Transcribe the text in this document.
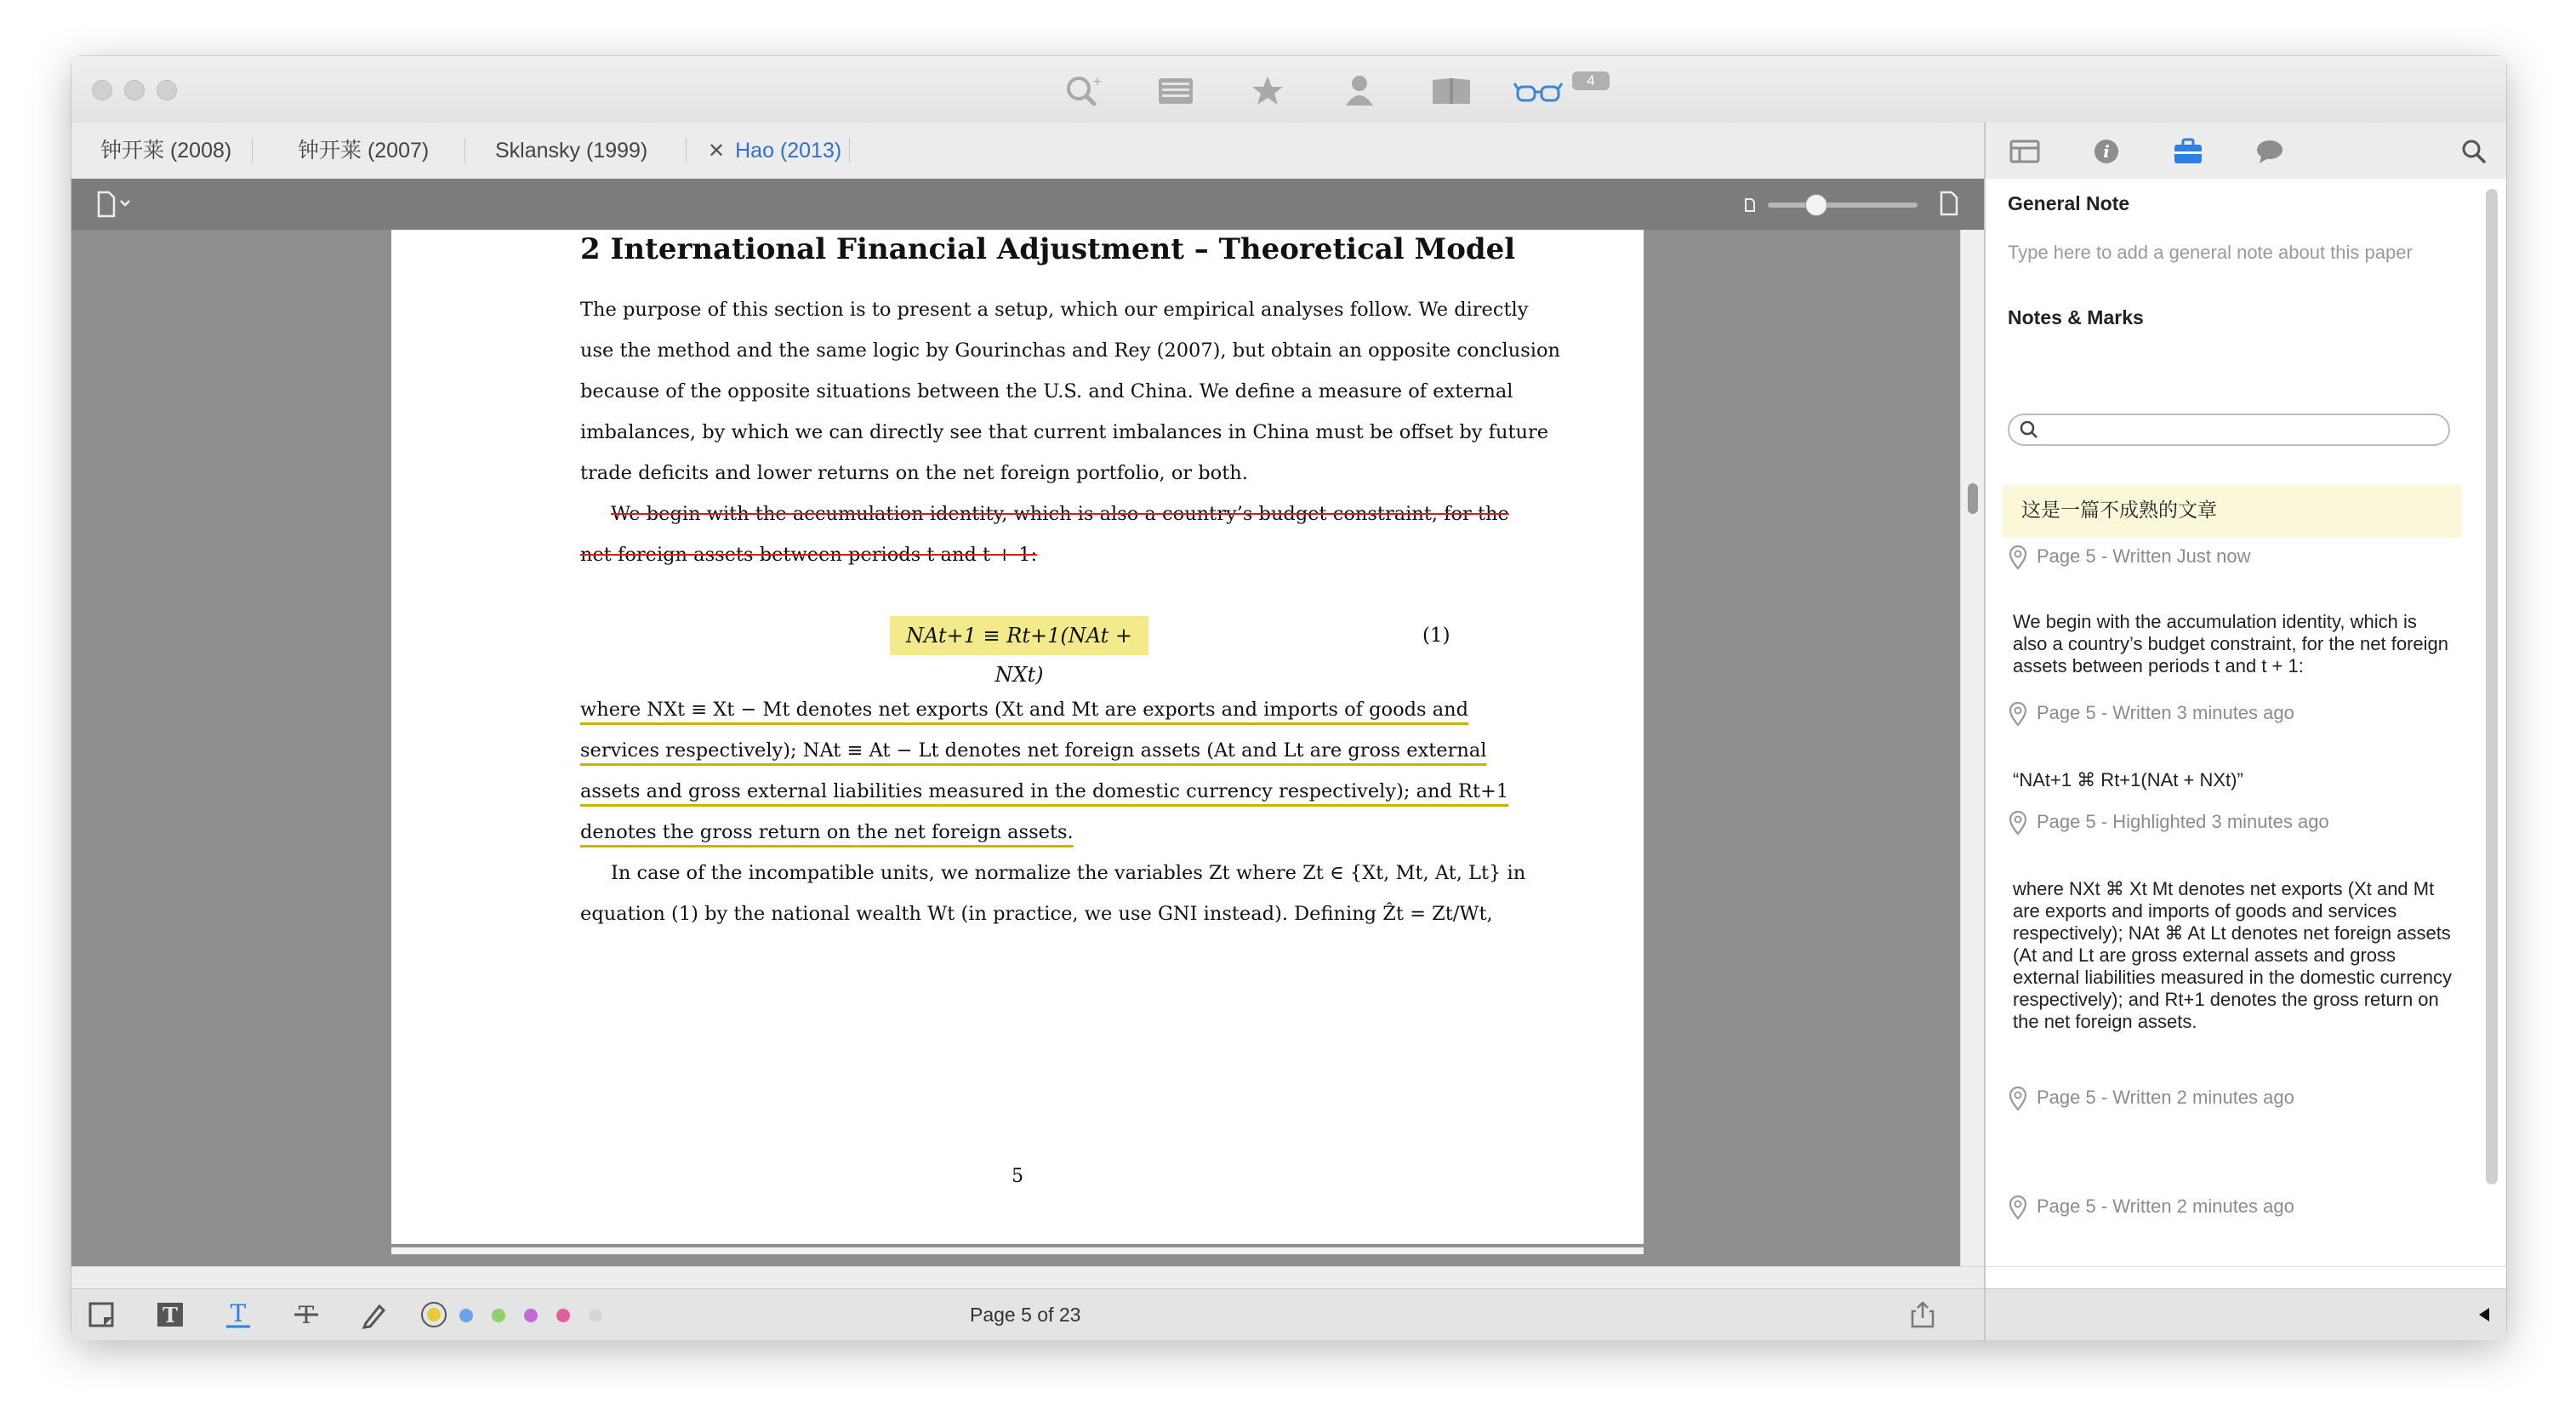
+	4
钟开莱 (2008)	钟开莱 (2007)	Sklansky (1999)	✕ Hao (2013)
2 International Financial Adjustment – Theoretical Model
The purpose of this section is to present a setup, which our empirical analyses follow. We directly
use the method and the same logic by Gourinchas and Rey (2007), but obtain an opposite conclusion
because of the opposite situations between the U.S. and China. We define a measure of external
imbalances, by which we can directly see that current imbalances in China must be offset by future
trade deficits and lower returns on the net foreign portfolio, or both.
We begin with the accumulation identity, which is also a country’s budget constraint, for the
net foreign assets between periods t and t + 1:
NAt+1 ≡ Rt+1(NAt + NXt)
(1)
where NXt ≡ Xt − Mt denotes net exports (Xt and Mt are exports and imports of goods and
services respectively); NAt ≡ At − Lt denotes net foreign assets (At and Lt are gross external
assets and gross external liabilities measured in the domestic currency respectively); and Rt+1
denotes the gross return on the net foreign assets.
In case of the incompatible units, we normalize the variables Zt where Zt ∈ {Xt, Mt, At, Lt} in
equation (1) by the national wealth Wt (in practice, we use GNI instead). Defining Ẑt = Zt/Wt,
5
T T T	Page 5 of 23
i
General Note
Type here to add a general note about this paper
Notes & Marks
这是一篇不成熟的文章
Page 5 - Written Just now
We begin with the accumulation identity, which is also a country’s budget constraint, for the net foreign assets between periods t and t + 1:
Page 5 - Written 3 minutes ago
“NAt+1 ⌘ Rt+1(NAt + NXt)”
Page 5 - Highlighted 3 minutes ago
where NXt ⌘ Xt Mt denotes net exports (Xt and Mt are exports and imports of goods and services respectively); NAt ⌘ At Lt denotes net foreign assets (At and Lt are gross external assets and gross external liabilities measured in the domestic currency respectively); and Rt+1 denotes the gross return on the net foreign assets.
Page 5 - Written 2 minutes ago
Page 5 - Written 2 minutes ago
